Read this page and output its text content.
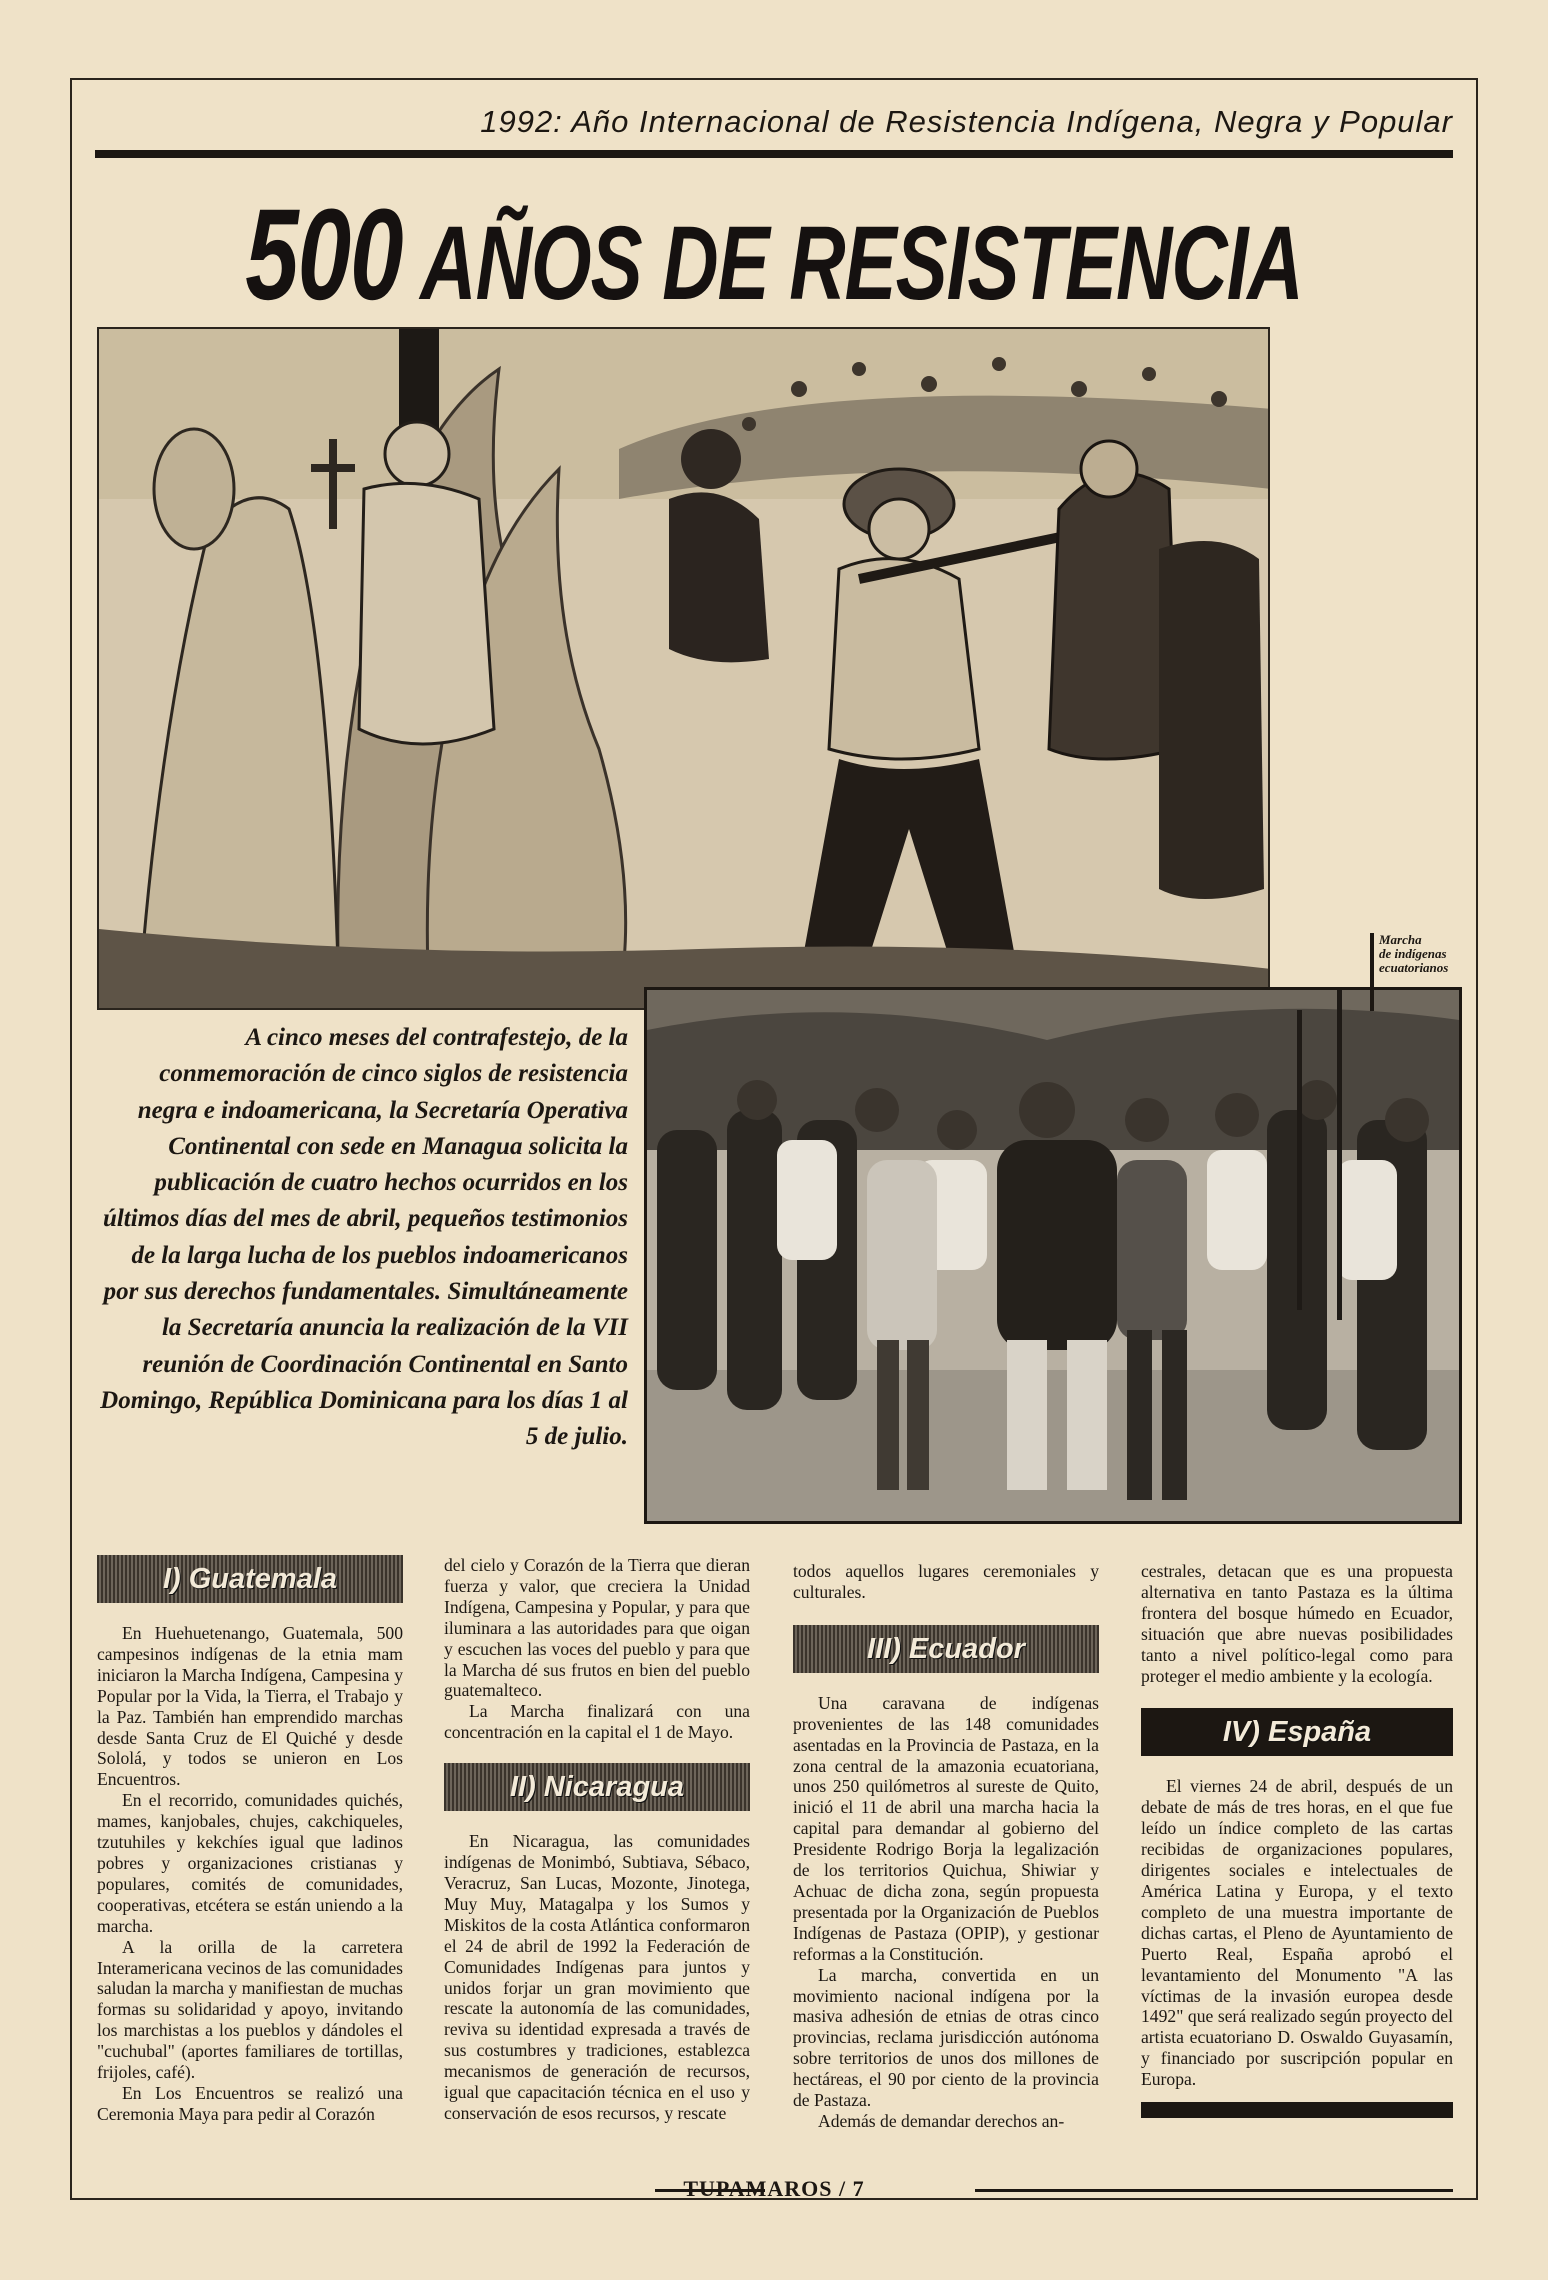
1992: Año Internacional de Resistencia Indígena, Negra y Popular
500 AÑOS DE RESISTENCIA
Marcha
de indígenas
ecuatorianos
A cinco meses del contrafestejo, de la conmemoración de cinco siglos de resistencia negra e indoamericana, la Secretaría Operativa Continental con sede en Managua solicita la publicación de cuatro hechos ocurridos en los últimos días del mes de abril, pequeños testimonios de la larga lucha de los pueblos indoamericanos por sus derechos fundamentales. Simultáneamente la Secretaría anuncia la realización de la VII reunión de Coordinación Continental en Santo Domingo, República Dominicana para los días 1 al 5 de julio.
I) Guatemala

En Huehuetenango, Guatemala, 500 campesinos indígenas de la etnia mam iniciaron la Marcha Indígena, Campesina y Popular por la Vida, la Tierra, el Trabajo y la Paz. También han emprendido marchas desde Santa Cruz de El Quiché y desde Sololá, y todos se unieron en Los Encuentros.

En el recorrido, comunidades quichés, mames, kanjobales, chujes, cakchiqueles, tzutuhiles y kekchíes igual que ladinos pobres y organizaciones cristianas y populares, comités de comunidades, cooperativas, etcétera se están uniendo a la marcha.

A la orilla de la carretera Interamericana vecinos de las comunidades saludan la marcha y manifiestan de muchas formas su solidaridad y apoyo, invitando los marchistas a los pueblos y dándoles el "cuchubal" (aportes familiares de tortillas, frijoles, café).

En Los Encuentros se realizó una Ceremonia Maya para pedir al Corazón

del cielo y Corazón de la Tierra que dieran fuerza y valor, que creciera la Unidad Indígena, Campesina y Popular, y para que iluminara a las autoridades para que oigan y escuchen las voces del pueblo y para que la Marcha dé sus frutos en bien del pueblo guatemalteco.

La Marcha finalizará con una concentración en la capital el 1 de Mayo.

II) Nicaragua

En Nicaragua, las comunidades indígenas de Monimbó, Subtiava, Sébaco, Veracruz, San Lucas, Mozonte, Jinotega, Muy Muy, Matagalpa y los Sumos y Miskitos de la costa Atlántica conformaron el 24 de abril de 1992 la Federación de Comunidades Indígenas para juntos y unidos forjar un gran movimiento que rescate la autonomía de las comunidades, reviva su identidad expresada a través de sus costumbres y tradiciones, establezca mecanismos de generación de recursos, igual que capacitación técnica en el uso y conservación de esos recursos, y rescate

todos aquellos lugares ceremoniales y culturales.

III) Ecuador

Una caravana de indígenas provenientes de las 148 comunidades asentadas en la Provincia de Pastaza, en la zona central de la amazonia ecuatoriana, unos 250 quilómetros al sureste de Quito, inició el 11 de abril una marcha hacia la capital para demandar al gobierno del Presidente Rodrigo Borja la legalización de los territorios Quichua, Shiwiar y Achuac de dicha zona, según propuesta presentada por la Organización de Pueblos Indígenas de Pastaza (OPIP), y gestionar reformas a la Constitución.

La marcha, convertida en un movimiento nacional indígena por la masiva adhesión de etnias de otras cinco provincias, reclama jurisdicción autónoma sobre territorios de unos dos millones de hectáreas, el 90 por ciento de la provincia de Pastaza.

Además de demandar derechos an-

cestrales, detacan que es una propuesta alternativa en tanto Pastaza es la última frontera del bosque húmedo en Ecuador, situación que abre nuevas posibilidades tanto a nivel político-legal como para proteger el medio ambiente y la ecología.

IV) España

El viernes 24 de abril, después de un debate de más de tres horas, en el que fue leído un índice completo de las cartas recibidas de organizaciones populares, dirigentes sociales e intelectuales de América Latina y Europa, y el texto completo de una muestra importante de dichas cartas, el Pleno de Ayuntamiento de Puerto Real, España aprobó el levantamiento del Monumento "A las víctimas de la invasión europea desde 1492" que será realizado según proyecto del artista ecuatoriano D. Oswaldo Guyasamín, y financiado por suscripción popular en Europa.

TUPAMAROS / 7
